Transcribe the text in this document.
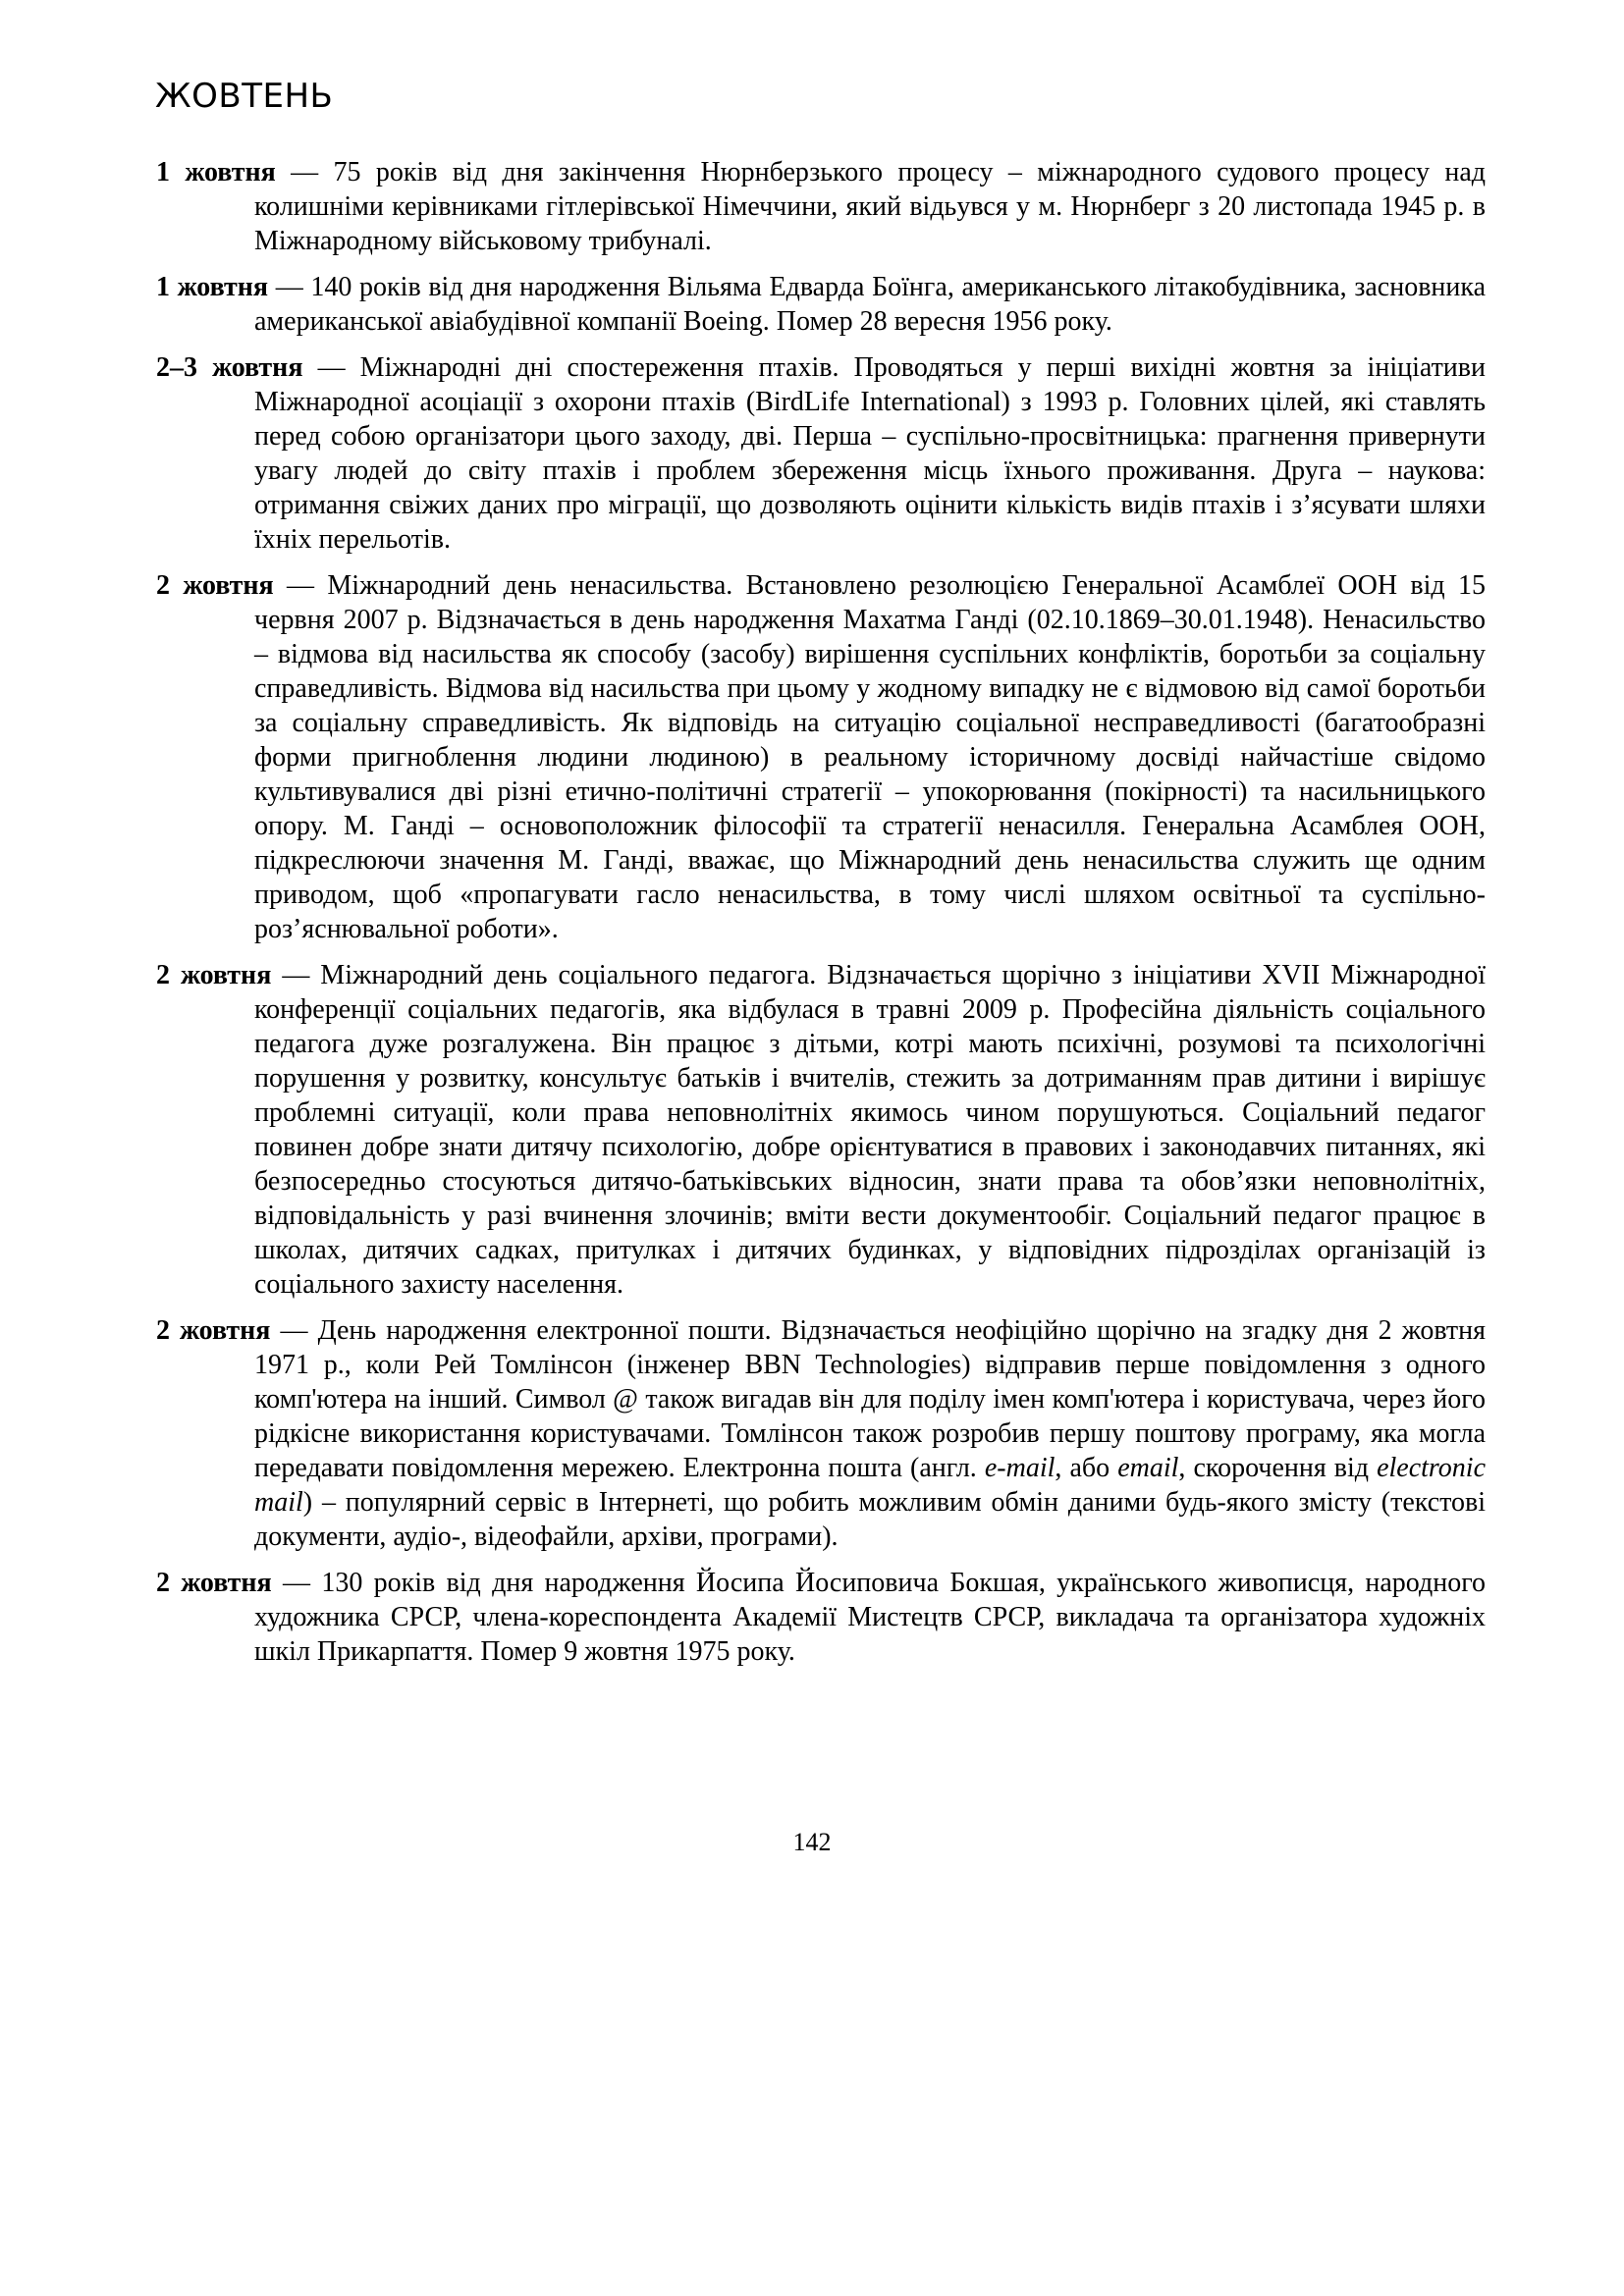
ЖОВТЕНЬ

1 жовтня — 75 років від дня закінчення Нюрнберзького процесу – міжнародного судового процесу над колишніми керівниками гітлерівської Німеччини, який відьувся у м. Нюрнберг з 20 листопада 1945 р. в Міжнародному військовому трибуналі.

1 жовтня — 140 років від дня народження Вільяма Едварда Боїнга, американського літакобудівника, засновника американської авіабудівної компанії Boeing. Помер 28 вересня 1956 року.

2–3 жовтня — Міжнародні дні спостереження птахів. Проводяться у перші вихідні жовтня за ініціативи Міжнародної асоціації з охорони птахів (BirdLife International) з 1993 р. Головних цілей, які ставлять перед собою організатори цього заходу, дві. Перша – суспільно-просвітницька: прагнення привернути увагу людей до світу птахів і проблем збереження місць їхнього проживання. Друга – наукова: отримання свіжих даних про міграції, що дозволяють оцінити кількість видів птахів і з’ясувати шляхи їхніх перельотів.

2 жовтня — Міжнародний день ненасильства. Встановлено резолюцією Генеральної Асамблеї ООН від 15 червня 2007 р. Відзначається в день народження Махатма Ганді (02.10.1869–30.01.1948). Ненасильство – відмова від насильства як способу (засобу) вирішення суспільних конфліктів, боротьби за соціальну справедливість. Відмова від насильства при цьому у жодному випадку не є відмовою від самої боротьби за соціальну справедливість. Як відповідь на ситуацію соціальної несправедливості (багатообразні форми пригноблення людини людиною) в реальному історичному досвіді найчастіше свідомо культивувалися дві різні етично-політичні стратегії – упокорювання (покірності) та насильницького опору. М. Ганді – основоположник філософії та стратегії ненасилля. Генеральна Асамблея ООН, підкреслюючи значення М. Ганді, вважає, що Міжнародний день ненасильства служить ще одним приводом, щоб «пропагувати гасло ненасильства, в тому числі шляхом освітньої та суспільно-роз’яснювальної роботи».

2 жовтня — Міжнародний день соціального педагога. Відзначається щорічно з ініціативи XVII Міжнародної конференції соціальних педагогів, яка відбулася в травні 2009 р. Професійна діяльність соціального педагога дуже розгалужена. Він працює з дітьми, котрі мають психічні, розумові та психологічні порушення у розвитку, консультує батьків і вчителів, стежить за дотриманням прав дитини і вирішує проблемні ситуації, коли права неповнолітніх якимось чином порушуються. Соціальний педагог повинен добре знати дитячу психологію, добре орієнтуватися в правових і законодавчих питаннях, які безпосередньо стосуються дитячо-батьківських відносин, знати права та обов’язки неповнолітніх, відповідальність у разі вчинення злочинів; вміти вести документообіг. Соціальний педагог працює в школах, дитячих садках, притулках і дитячих будинках, у відповідних підрозділах організацій із соціального захисту населення.

2 жовтня — День народження електронної пошти. Відзначається неофіційно щорічно на згадку дня 2 жовтня 1971 р., коли Рей Томлінсон (інженер BBN Technologies) відправив перше повідомлення з одного комп'ютера на інший. Символ @ також вигадав він для поділу імен комп'ютера і користувача, через його рідкісне використання користувачами. Томлінсон також розробив першу поштову програму, яка могла передавати повідомлення мережею. Електронна пошта (англ. e-mail, або email, скорочення від electronic mail) – популярний сервіс в Інтернеті, що робить можливим обмін даними будь-якого змісту (текстові документи, аудіо-, відеофайли, архіви, програми).

2 жовтня — 130 років від дня народження Йосипа Йосиповича Бокшая, українського живописця, народного художника СРСР, члена-кореспондента Академії Мистецтв СРСР, викладача та організатора художніх шкіл Прикарпаття. Помер 9 жовтня 1975 року.

142
